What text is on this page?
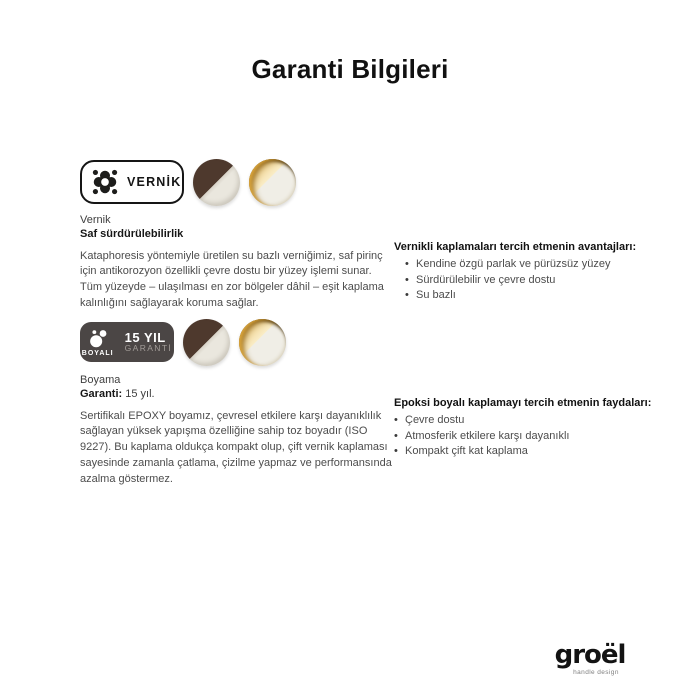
Garanti Bilgileri
VERNİK
Vernik
Saf sürdürülebilirlik
Kataphoresis yöntemiyle üretilen su bazlı verniğimiz, saf pirinç için antikorozyon özellikli çevre dostu bir yüzey işlemi sunar. Tüm yüzeyde – ulaşılması en zor bölgeler dâhil – eşit kaplama kalınlığını sağlayarak koruma sağlar.
Vernikli kaplamaları tercih etmenin avantajları:
• Kendine özgü parlak ve pürüzsüz yüzey
• Sürdürülebilir ve çevre dostu
• Su bazlı
BOYALI
15 YIL
GARANTİ
Boyama
Garanti: 15 yıl.
Sertifikalı EPOXY boyamız, çevresel etkilere karşı dayanıklılık sağlayan yüksek yapışma özelliğine sahip toz boyadır (ISO 9227). Bu kaplama oldukça kompakt olup, çift vernik kaplaması sayesinde zamanla çatlama, çizilme yapmaz ve performansında azalma göstermez.
Epoksi boyalı kaplamayı tercih etmenin faydaları:
• Çevre dostu
• Atmosferik etkilere karşı dayanıklı
• Kompakt çift kat kaplama
groël
handle design
